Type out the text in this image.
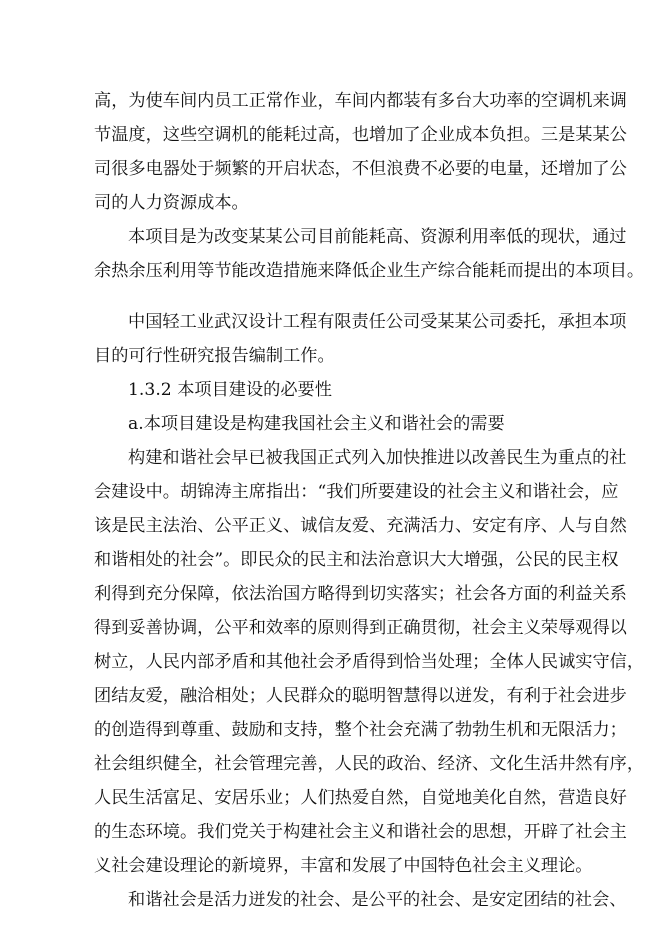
高，为使车间内员工正常作业，车间内都装有多台大功率的空调机来调
节温度，这些空调机的能耗过高，也增加了企业成本负担。三是某某公
司很多电器处于频繁的开启状态，不但浪费不必要的电量，还增加了公
司的人力资源成本。
本项目是为改变某某公司目前能耗高、资源利用率低的现状，通过
余热余压利用等节能改造措施来降低企业生产综合能耗而提出的本项目。
中国轻工业武汉设计工程有限责任公司受某某公司委托，承担本项
目的可行性研究报告编制工作。
1.3.2 本项目建设的必要性
a.本项目建设是构建我国社会主义和谐社会的需要
构建和谐社会早已被我国正式列入加快推进以改善民生为重点的社
会建设中。胡锦涛主席指出：“我们所要建设的社会主义和谐社会，应
该是民主法治、公平正义、诚信友爱、充满活力、安定有序、人与自然
和谐相处的社会”。即民众的民主和法治意识大大增强，公民的民主权
利得到充分保障，依法治国方略得到切实落实；社会各方面的利益关系
得到妥善协调，公平和效率的原则得到正确贯彻，社会主义荣辱观得以
树立，人民内部矛盾和其他社会矛盾得到恰当处理；全体人民诚实守信，
团结友爱，融洽相处；人民群众的聪明智慧得以迸发，有利于社会进步
的创造得到尊重、鼓励和支持，整个社会充满了勃勃生机和无限活力；
社会组织健全，社会管理完善，人民的政治、经济、文化生活井然有序，
人民生活富足、安居乐业；人们热爱自然，自觉地美化自然，营造良好
的生态环境。我们党关于构建社会主义和谐社会的思想，开辟了社会主
义社会建设理论的新境界，丰富和发展了中国特色社会主义理论。
和谐社会是活力迸发的社会、是公平的社会、是安定团结的社会、
